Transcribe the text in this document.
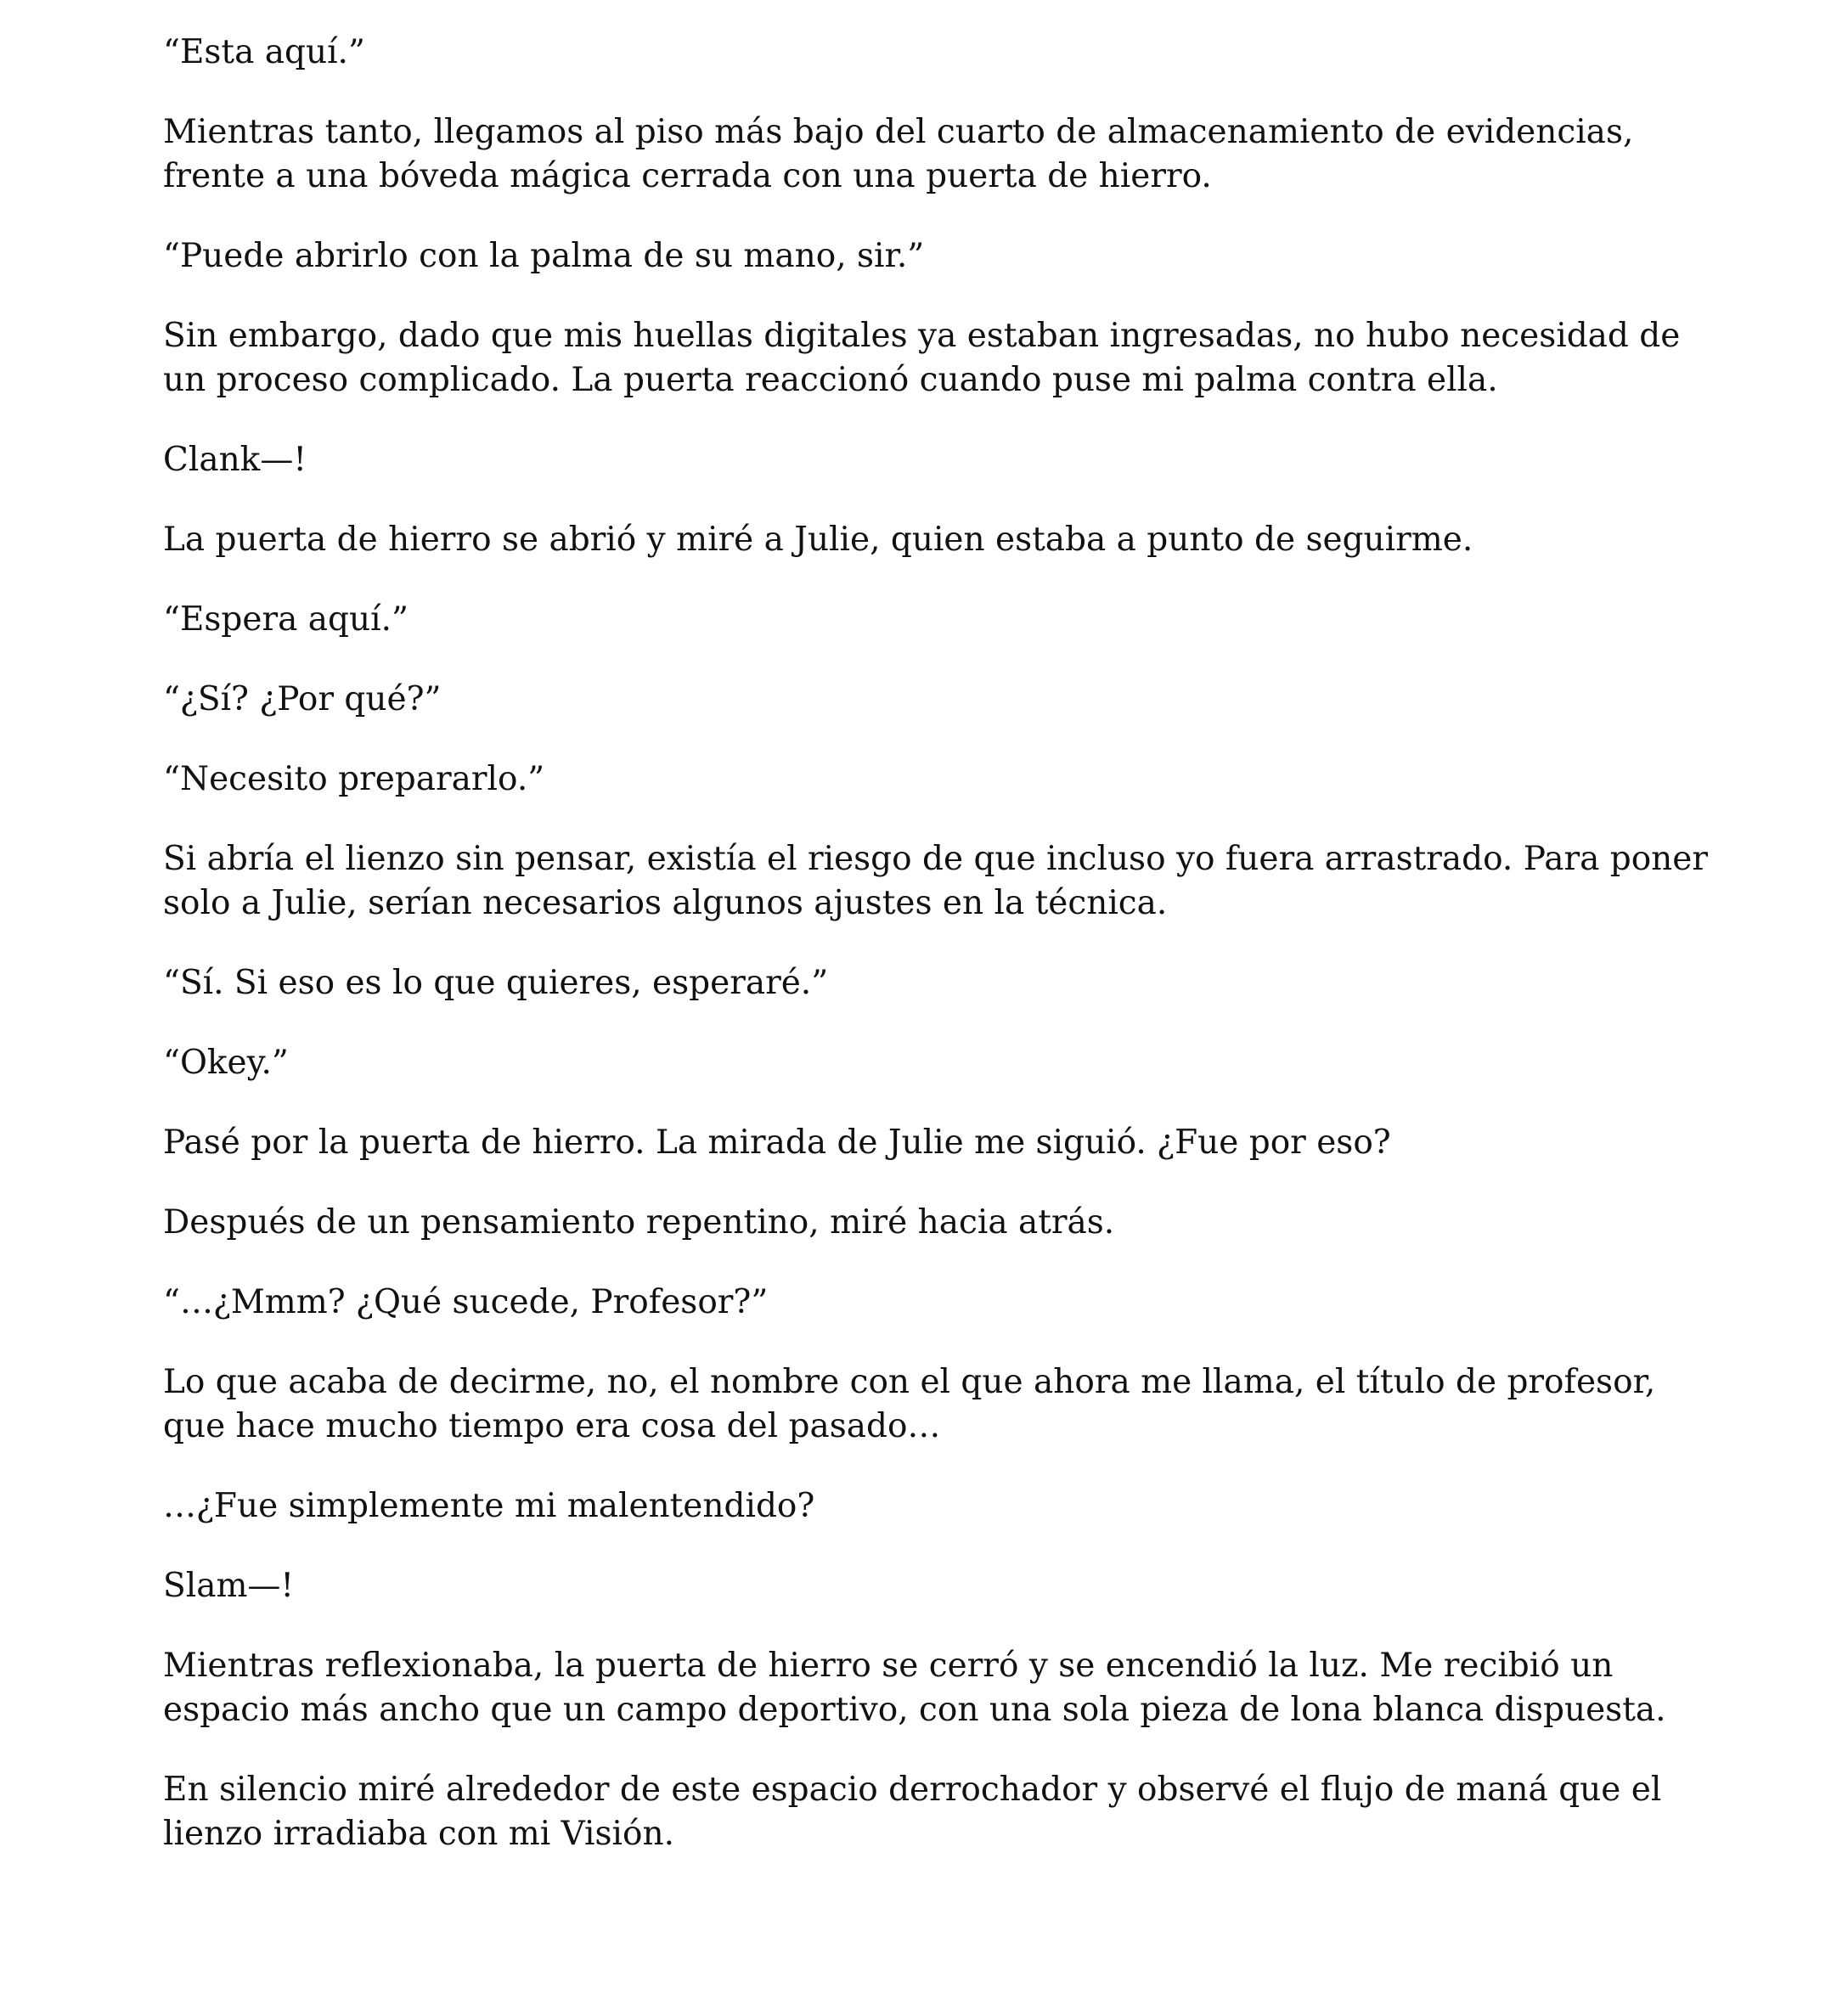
“Esta aquí.”

Mientras tanto, llegamos al piso más bajo del cuarto de almacenamiento de evidencias, frente a una bóveda mágica cerrada con una puerta de hierro.

“Puede abrirlo con la palma de su mano, sir.”

Sin embargo, dado que mis huellas digitales ya estaban ingresadas, no hubo necesidad de un proceso complicado. La puerta reaccionó cuando puse mi palma contra ella.

Clank—!

La puerta de hierro se abrió y miré a Julie, quien estaba a punto de seguirme.

“Espera aquí.”

“¿Sí? ¿Por qué?”

“Necesito prepararlo.”

Si abría el lienzo sin pensar, existía el riesgo de que incluso yo fuera arrastrado. Para poner solo a Julie, serían necesarios algunos ajustes en la técnica.

“Sí. Si eso es lo que quieres, esperaré.”

“Okey.”

Pasé por la puerta de hierro. La mirada de Julie me siguió. ¿Fue por eso?

Después de un pensamiento repentino, miré hacia atrás.

“…¿Mmm? ¿Qué sucede, Profesor?”

Lo que acaba de decirme, no, el nombre con el que ahora me llama, el título de profesor, que hace mucho tiempo era cosa del pasado…

…¿Fue simplemente mi malentendido?

Slam—!

Mientras reflexionaba, la puerta de hierro se cerró y se encendió la luz. Me recibió un espacio más ancho que un campo deportivo, con una sola pieza de lona blanca dispuesta.

En silencio miré alrededor de este espacio derrochador y observé el flujo de maná que el lienzo irradiaba con mi Visión.
